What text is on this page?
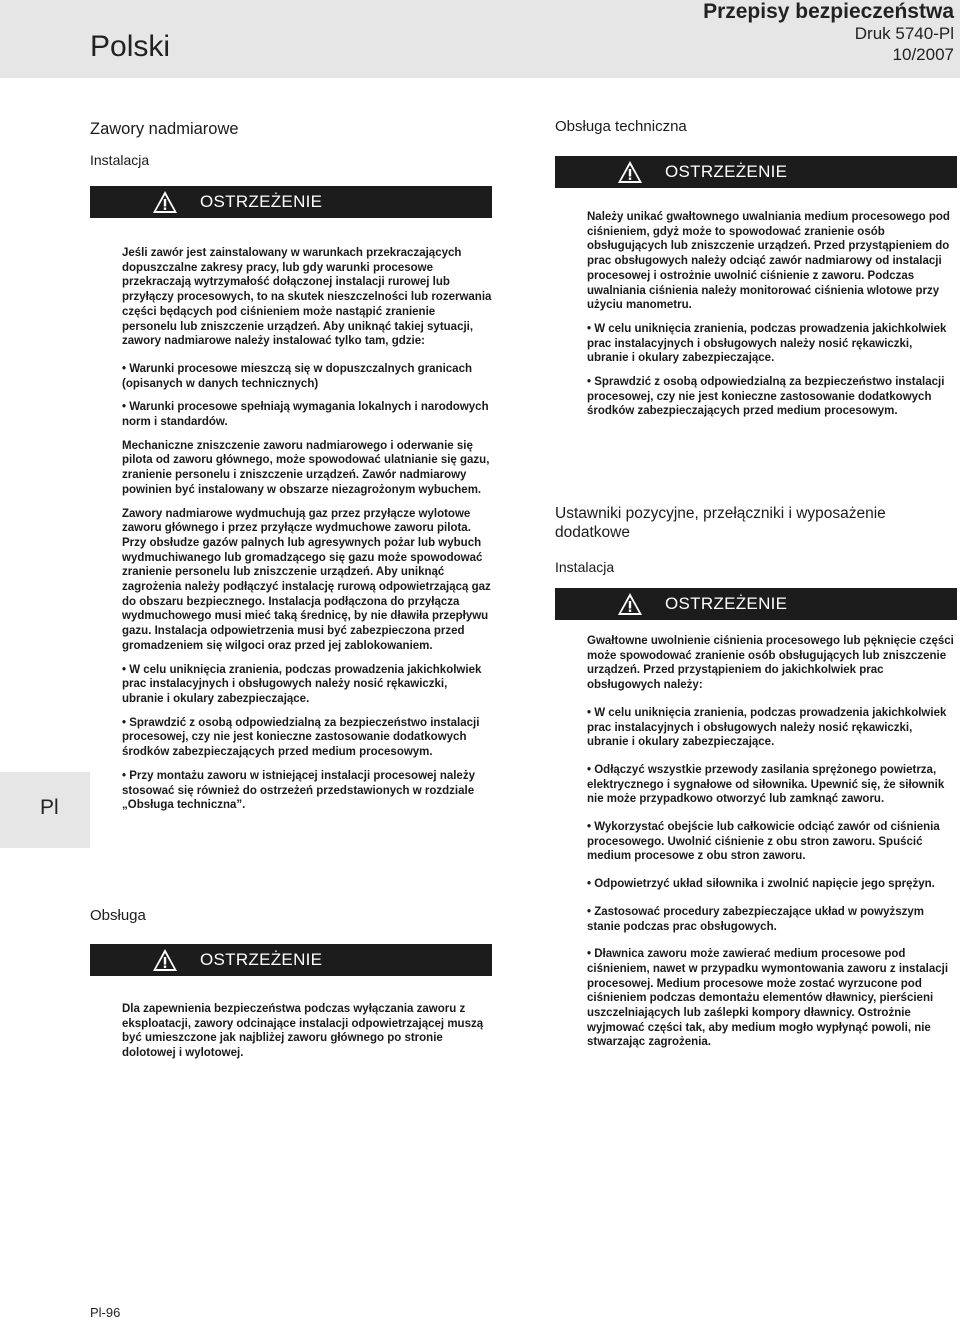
Polski
Przepisy bezpieczeństwa
Druk 5740-Pl
10/2007
Pl
Zawory nadmiarowe
Instalacja
OSTRZEŻENIE

Jeśli zawór jest zainstalowany w warunkach przekraczających dopuszczalne zakresy pracy, lub gdy warunki procesowe przekraczają wytrzymałość dołączonej instalacji rurowej lub przyłączy procesowych, to na skutek nieszczelności lub rozerwania części będących pod ciśnieniem może nastąpić zranienie personelu lub zniszczenie urządzeń. Aby uniknąć takiej sytuacji, zawory nadmiarowe należy instalować tylko tam, gdzie:

• Warunki procesowe mieszczą się w dopuszczalnych granicach (opisanych w danych technicznych)

• Warunki procesowe spełniają wymagania lokalnych i narodowych norm i standardów.

Mechaniczne zniszczenie zaworu nadmiarowego i oderwanie się pilota od zaworu głównego, może spowodować ulatnianie się gazu, zranienie personelu i zniszczenie urządzeń. Zawór nadmiarowy powinien być instalowany w obszarze niezagrożonym wybuchem.

Zawory nadmiarowe wydmuchują gaz przez przyłącze wylotowe zaworu głównego i przez przyłącze wydmuchowe zaworu pilota. Przy obsłudze gazów palnych lub agresywnych pożar lub wybuch wydmuchiwanego lub gromadzącego się gazu może spowodować zranienie personelu lub zniszczenie urządzeń. Aby uniknąć zagrożenia należy podłączyć instalację rurową odpowietrzającą gaz do obszaru bezpiecznego. Instalacja podłączona do przyłącza wydmuchowego musi mieć taką średnicę, by nie dławiła przepływu gazu. Instalacja odpowietrzenia musi być zabezpieczona przed gromadzeniem się wilgoci oraz przed jej zablokowaniem.

• W celu uniknięcia zranienia, podczas prowadzenia jakichkolwiek prac instalacyjnych i obsługowych należy nosić rękawiczki, ubranie i okulary zabezpieczające.

• Sprawdzić z osobą odpowiedzialną za bezpieczeństwo instalacji procesowej, czy nie jest konieczne zastosowanie dodatkowych środków zabezpieczających przed medium procesowym.

• Przy montażu zaworu w istniejącej instalacji procesowej należy stosować się również do ostrzeżeń przedstawionych w rozdziale „Obsługa techniczna”.

Obsługa
OSTRZEŻENIE

Dla zapewnienia bezpieczeństwa podczas wyłączania zaworu z eksploatacji, zawory odcinające instalacji odpowietrzającej muszą być umieszczone jak najbliżej zaworu głównego po stronie dolotowej i wylotowej.

Obsługa techniczna
OSTRZEŻENIE

Należy unikać gwałtownego uwalniania medium procesowego pod ciśnieniem, gdyż może to spowodować zranienie osób obsługujących lub zniszczenie urządzeń. Przed przystąpieniem do prac obsługowych należy odciąć zawór nadmiarowy od instalacji procesowej i ostrożnie uwolnić ciśnienie z zaworu. Podczas uwalniania ciśnienia należy monitorować ciśnienia wlotowe przy użyciu manometru.

• W celu uniknięcia zranienia, podczas prowadzenia jakichkolwiek prac instalacyjnych i obsługowych należy nosić rękawiczki, ubranie i okulary zabezpieczające.

• Sprawdzić z osobą odpowiedzialną za bezpieczeństwo instalacji procesowej, czy nie jest konieczne zastosowanie dodatkowych środków zabezpieczających przed medium procesowym.

Ustawniki pozycyjne, przełączniki i wyposażenie dodatkowe
Instalacja
OSTRZEŻENIE

Gwałtowne uwolnienie ciśnienia procesowego lub pęknięcie części może spowodować zranienie osób obsługujących lub zniszczenie urządzeń. Przed przystąpieniem do jakichkolwiek prac obsługowych należy:

• W celu uniknięcia zranienia, podczas prowadzenia jakichkolwiek prac instalacyjnych i obsługowych należy nosić rękawiczki, ubranie i okulary zabezpieczające.

• Odłączyć wszystkie przewody zasilania sprężonego powietrza, elektrycznego i sygnałowe od siłownika. Upewnić się, że siłownik nie może przypadkowo otworzyć lub zamknąć zaworu.

• Wykorzystać obejście lub całkowicie odciąć zawór od ciśnienia procesowego. Uwolnić ciśnienie z obu stron zaworu. Spuścić medium procesowe z obu stron zaworu.

• Odpowietrzyć układ siłownika i zwolnić napięcie jego sprężyn.

• Zastosować procedury zabezpieczające układ w powyższym stanie podczas prac obsługowych.

• Dławnica zaworu może zawierać medium procesowe pod ciśnieniem, nawet w przypadku wymontowania zaworu z instalacji procesowej. Medium procesowe może zostać wyrzucone pod ciśnieniem podczas demontażu elementów dławnicy, pierścieni uszczelniających lub zaślepki kompory dławnicy. Ostrożnie wyjmować części tak, aby medium mogło wypłynąć powoli, nie stwarzając zagrożenia.

Pl-96
